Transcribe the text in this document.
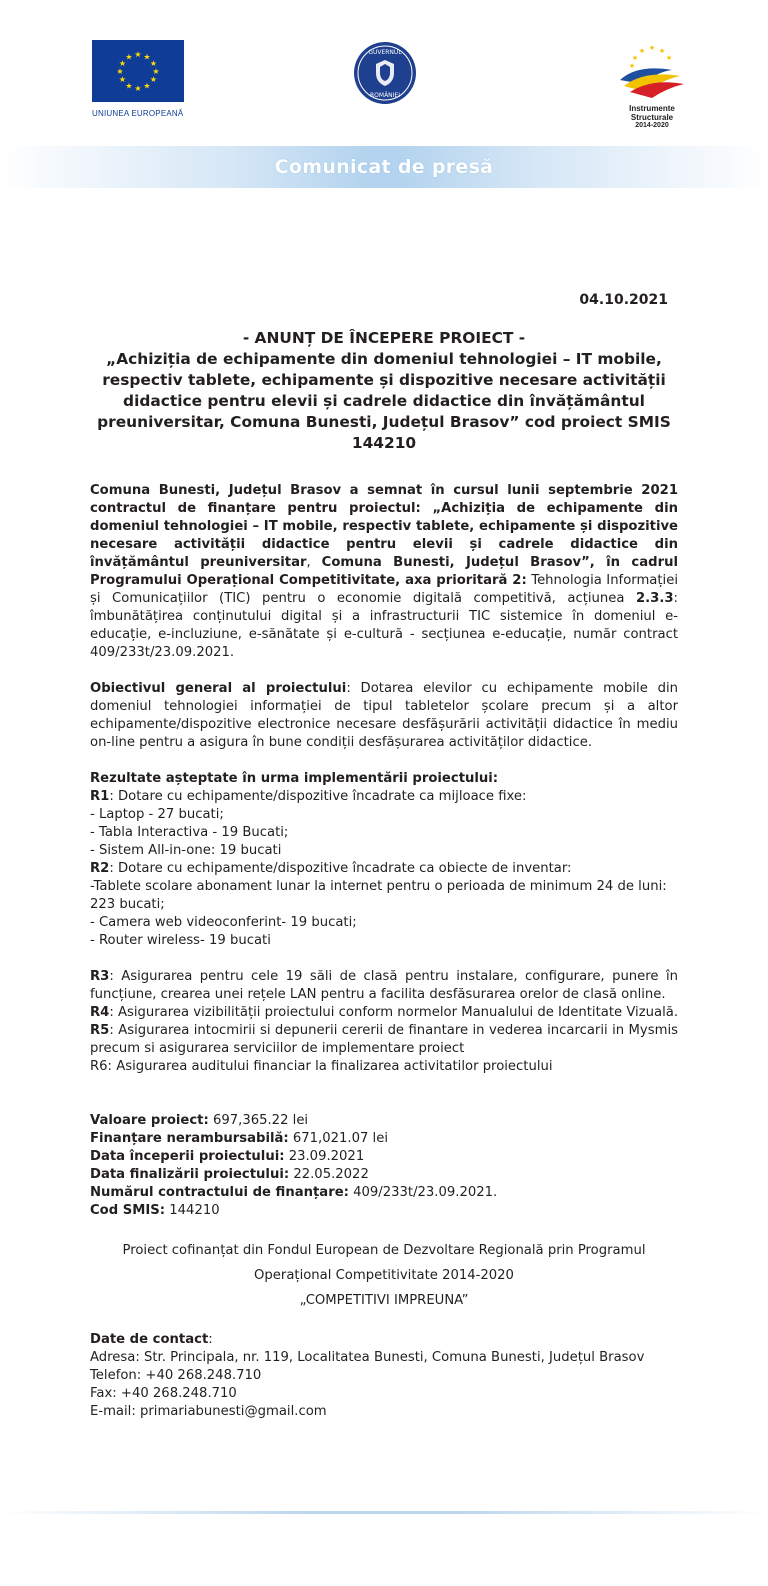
★ ★
★
★
★
★
★
★
★
★
★
★
UNIUNEA EUROPEANĂ
GUVERNUL
ROMÂNIEI
★
★ ★
★	★
★
Instrumente Structurale
2014-2020
Comunicat de presă
04.10.2021
- ANUNȚ DE ÎNCEPERE PROIECT -
„Achiziția de echipamente din domeniul tehnologiei – IT mobile, respectiv tablete, echipamente și dispozitive necesare activității didactice pentru elevii și cadrele didactice din învățământul preuniversitar, Comuna Bunesti, Județul Brasov” cod proiect SMIS 144210

Comuna Bunesti, Județul Brasov a semnat în cursul lunii septembrie 2021 contractul de finanțare pentru proiectul: „Achiziția de echipamente din domeniul tehnologiei – IT mobile, respectiv tablete, echipamente și dispozitive necesare activității didactice pentru elevii și cadrele didactice din învățământul preuniversitar, Comuna Bunesti, Județul Brasov”, în cadrul Programului Operațional Competitivitate, axa prioritară 2: Tehnologia Informației și Comunicațiilor (TIC) pentru o economie digitală competitivă, acțiunea 2.3.3: îmbunătățirea conținutului digital și a infrastructurii TIC sistemice în domeniul e-educație, e-incluziune, e-sănătate și e-cultură - secțiunea e-educație, număr contract 409/233t/23.09.2021.

Obiectivul general al proiectului: Dotarea elevilor cu echipamente mobile din domeniul tehnologiei informației de tipul tabletelor școlare precum și a altor echipamente/dispozitive electronice necesare desfășurării activității didactice în mediu on-line pentru a asigura în bune condiții desfășurarea activităților didactice.

Rezultate așteptate în urma implementării proiectului:
R1: Dotare cu echipamente/dispozitive încadrate ca mijloace fixe:
- Laptop - 27 bucati;
- Tabla Interactiva - 19 Bucati;
- Sistem All-in-one: 19 bucati
R2: Dotare cu echipamente/dispozitive încadrate ca obiecte de inventar:
-Tablete scolare abonament lunar la internet pentru o perioada de minimum 24 de luni: 223 bucati;
- Camera web videoconferint- 19 bucati;
- Router wireless- 19 bucati

R3: Asigurarea pentru cele 19 săli de clasă pentru instalare, configurare, punere în funcțiune, crearea unei rețele LAN pentru a facilita desfăsurarea orelor de clasă online.

R4: Asigurarea vizibilității proiectului conform normelor Manualului de Identitate Vizuală.

R5: Asigurarea intocmirii si depunerii cererii de finantare in vederea incarcarii in Mysmis precum si asigurarea serviciilor de implementare proiect

R6: Asigurarea auditului financiar la finalizarea activitatilor proiectului

Valoare proiect: 697,365.22 lei
Finanțare nerambursabilă: 671,021.07 lei
Data începerii proiectului: 23.09.2021
Data finalizării proiectului: 22.05.2022
Numărul contractului de finanțare: 409/233t/23.09.2021.
Cod SMIS: 144210
Proiect cofinanțat din Fondul European de Dezvoltare Regională prin Programul
Operațional Competitivitate 2014-2020
„COMPETITIVI IMPREUNA”
Date de contact:
Adresa: Str. Principala, nr. 119, Localitatea Bunesti, Comuna Bunesti, Județul Brasov
Telefon: +40 268.248.710
Fax: +40 268.248.710
E-mail: primariabunesti@gmail.com
